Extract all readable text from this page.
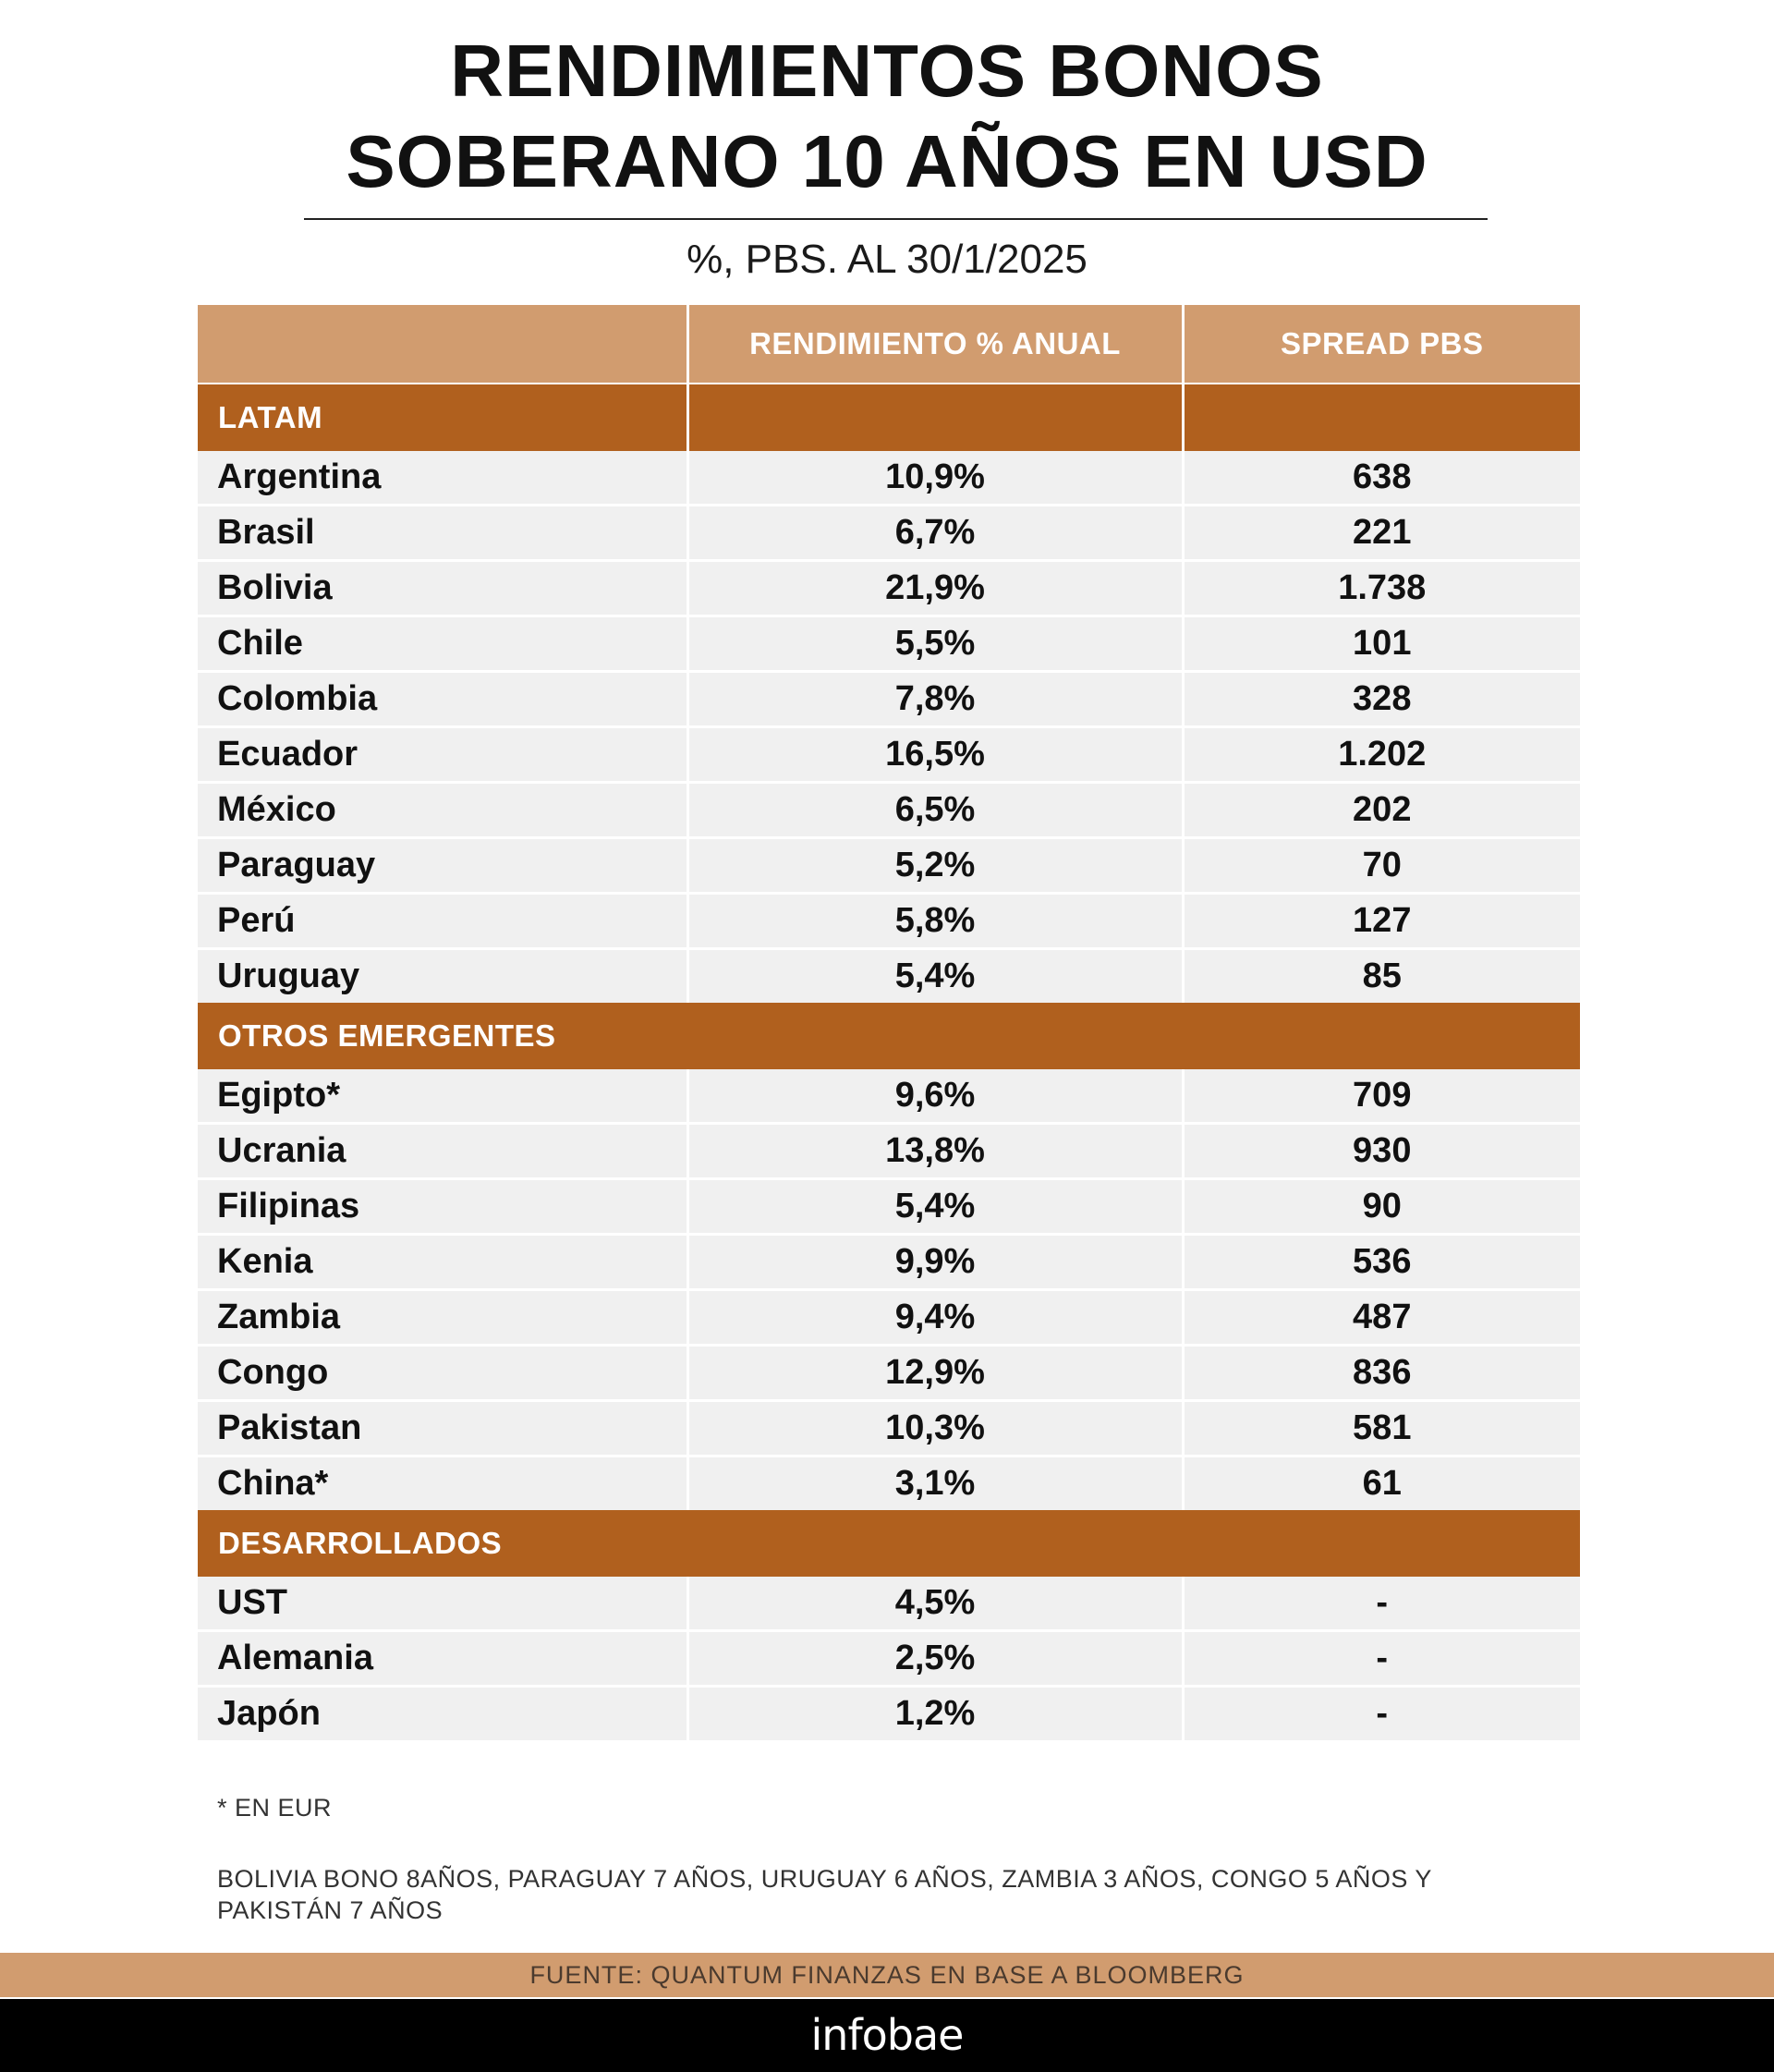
RENDIMIENTOS BONOS
SOBERANO 10 AÑOS EN USD
%, PBS. AL 30/1/2025
	RENDIMIENTO % ANUAL	SPREAD PBS
LATAM		
Argentina	10,9%	638
Brasil	6,7%	221
Bolivia	21,9%	1.738
Chile	5,5%	101
Colombia	7,8%	328
Ecuador	16,5%	1.202
México	6,5%	202
Paraguay	5,2%	70
Perú	5,8%	127
Uruguay	5,4%	85
OTROS EMERGENTES		
Egipto*	9,6%	709
Ucrania	13,8%	930
Filipinas	5,4%	90
Kenia	9,9%	536
Zambia	9,4%	487
Congo	12,9%	836
Pakistan	10,3%	581
China*	3,1%	61
DESARROLLADOS		
UST	4,5%	-
Alemania	2,5%	-
Japón	1,2%	-
* EN EUR
BOLIVIA BONO 8AÑOS, PARAGUAY 7 AÑOS, URUGUAY 6 AÑOS, ZAMBIA 3 AÑOS, CONGO 5 AÑOS Y PAKISTÁN 7 AÑOS
FUENTE: QUANTUM FINANZAS EN BASE A BLOOMBERG
infobae
